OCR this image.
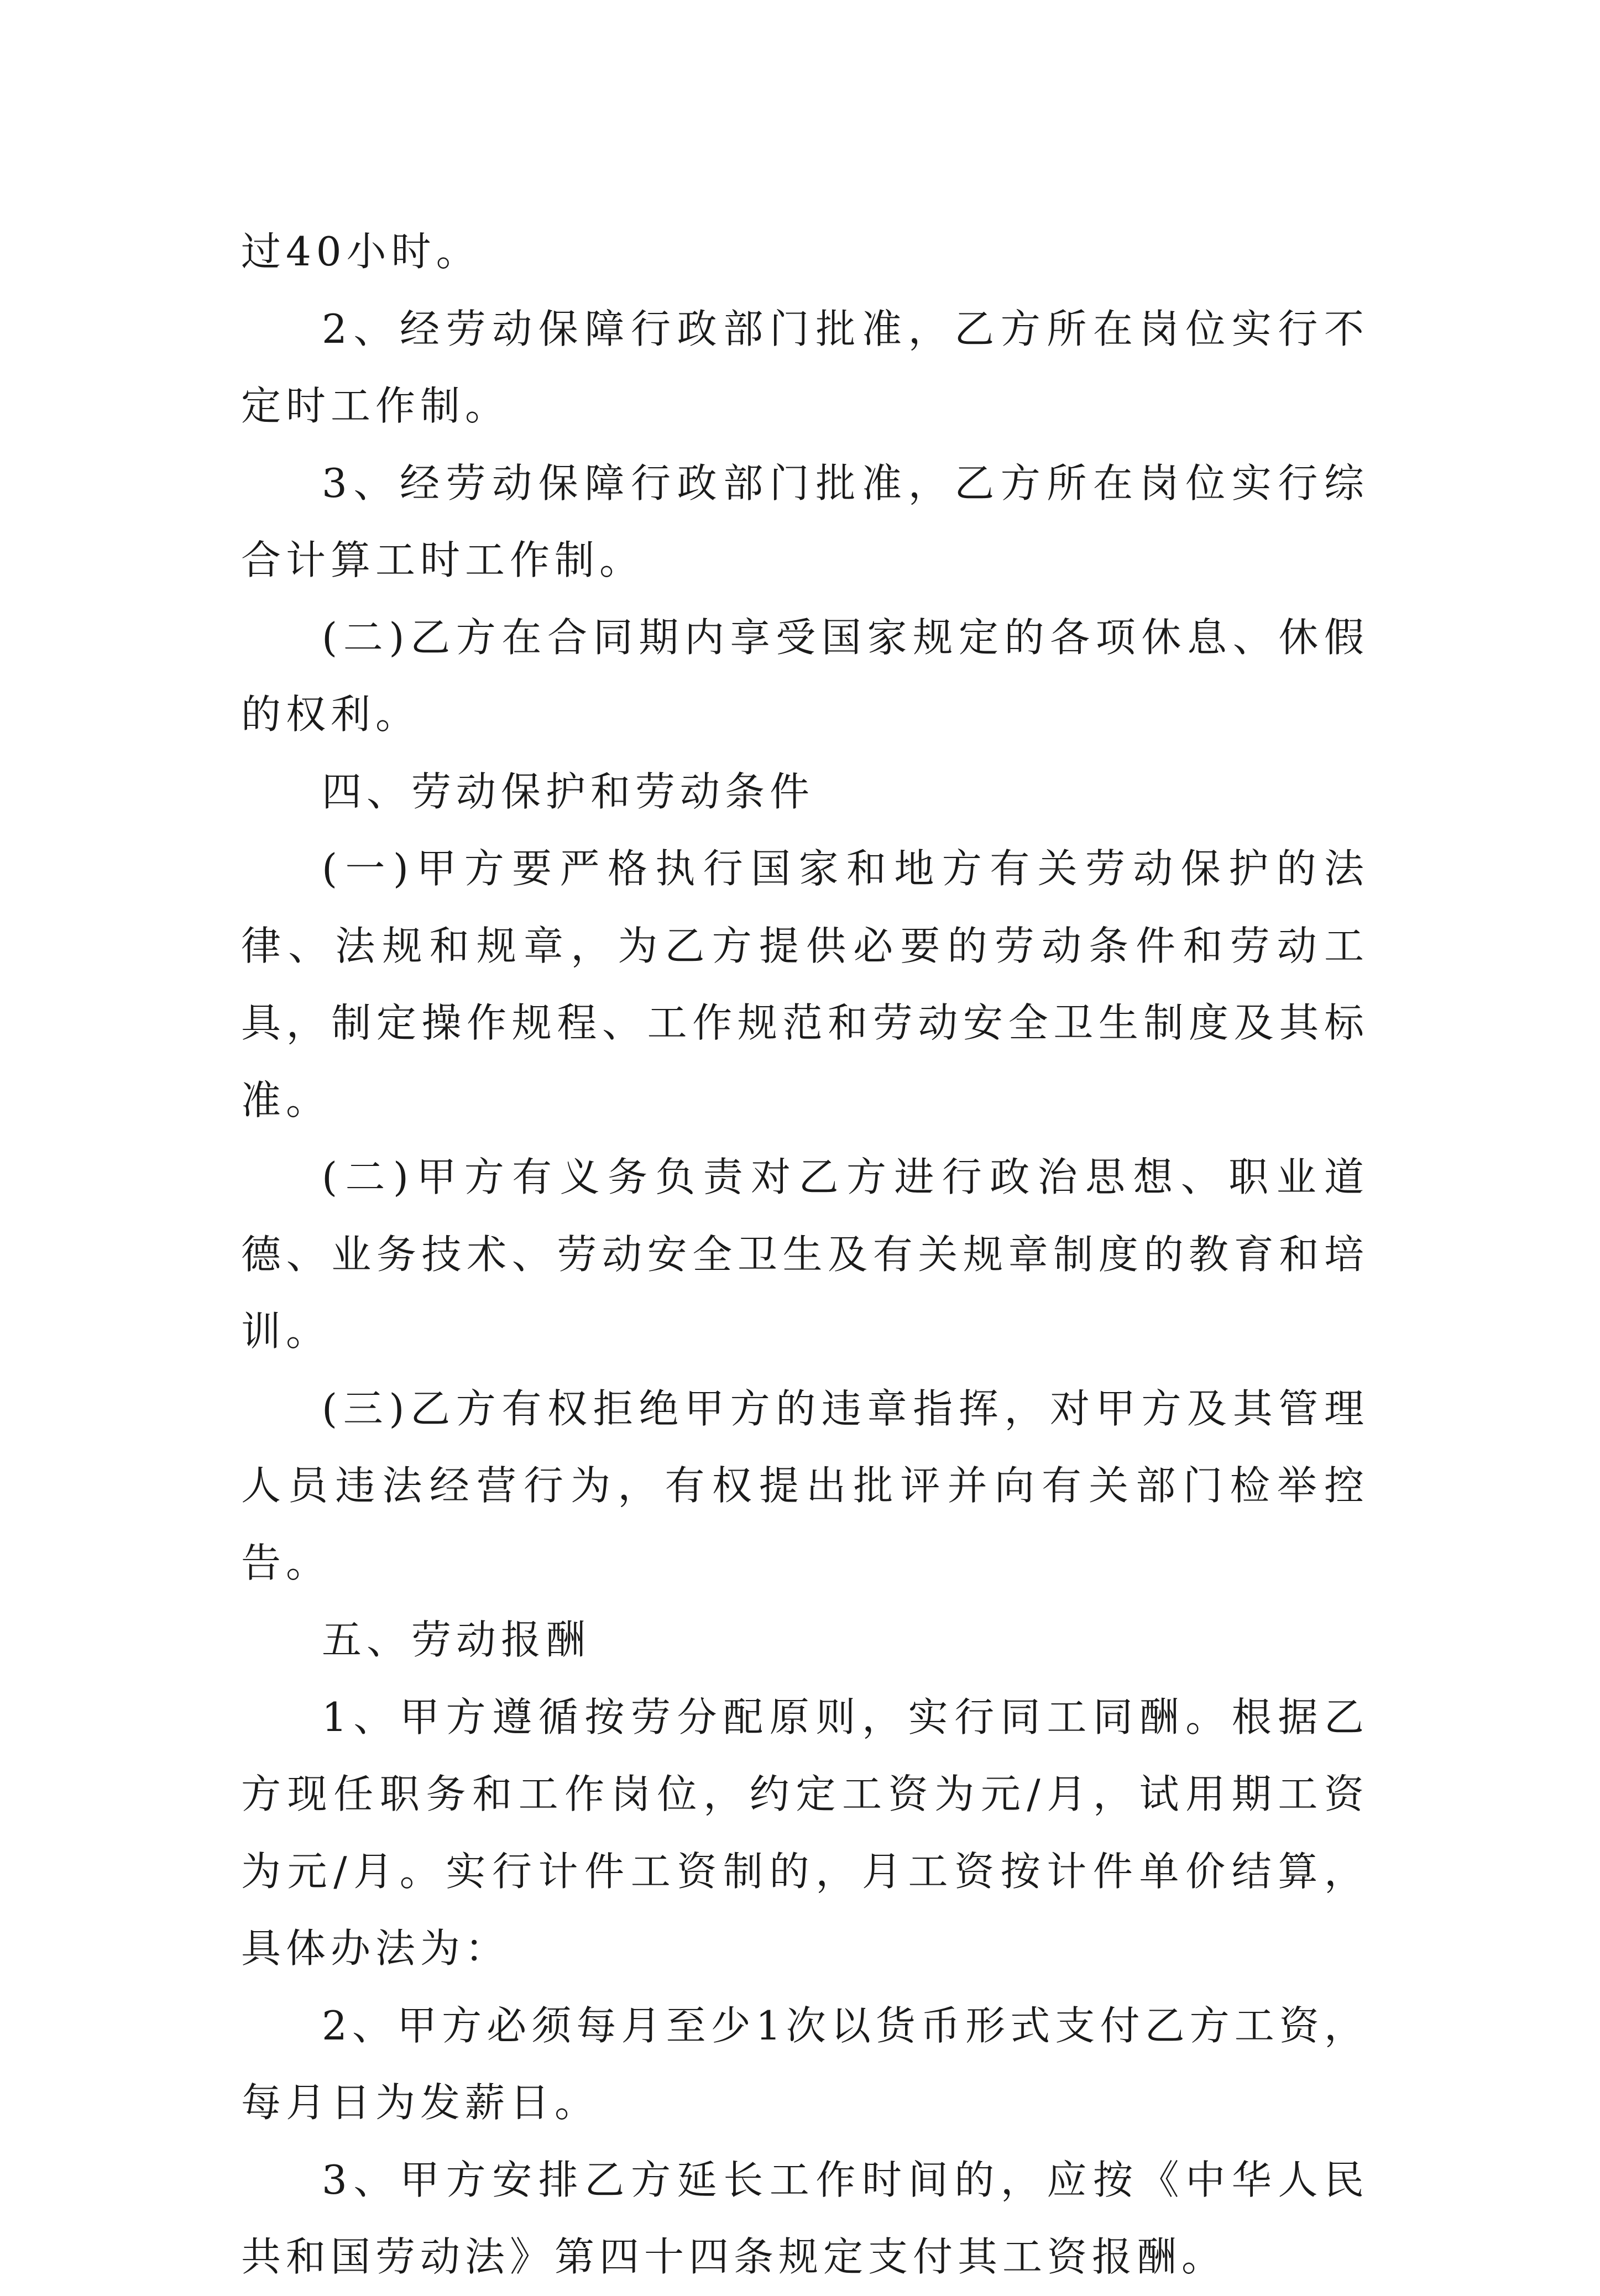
过40小时。

2、经劳动保障行政部门批准，乙方所在岗位实行不定时工作制。

3、经劳动保障行政部门批准，乙方所在岗位实行综合计算工时工作制。

(二)乙方在合同期内享受国家规定的各项休息、休假的权利。

四、劳动保护和劳动条件

(一)甲方要严格执行国家和地方有关劳动保护的法律、法规和规章，为乙方提供必要的劳动条件和劳动工具，制定操作规程、工作规范和劳动安全卫生制度及其标准。

(二)甲方有义务负责对乙方进行政治思想、职业道德、业务技术、劳动安全卫生及有关规章制度的教育和培训。

(三)乙方有权拒绝甲方的违章指挥，对甲方及其管理人员违法经营行为，有权提出批评并向有关部门检举控告。

五、劳动报酬

1、甲方遵循按劳分配原则，实行同工同酬。根据乙方现任职务和工作岗位，约定工资为元/月，试用期工资为元/月。实行计件工资制的，月工资按计件单价结算，具体办法为：

2、甲方必须每月至少1次以货币形式支付乙方工资，每月日为发薪日。

3、甲方安排乙方延长工作时间的，应按《中华人民共和国劳动法》第四十四条规定支付其工资报酬。
